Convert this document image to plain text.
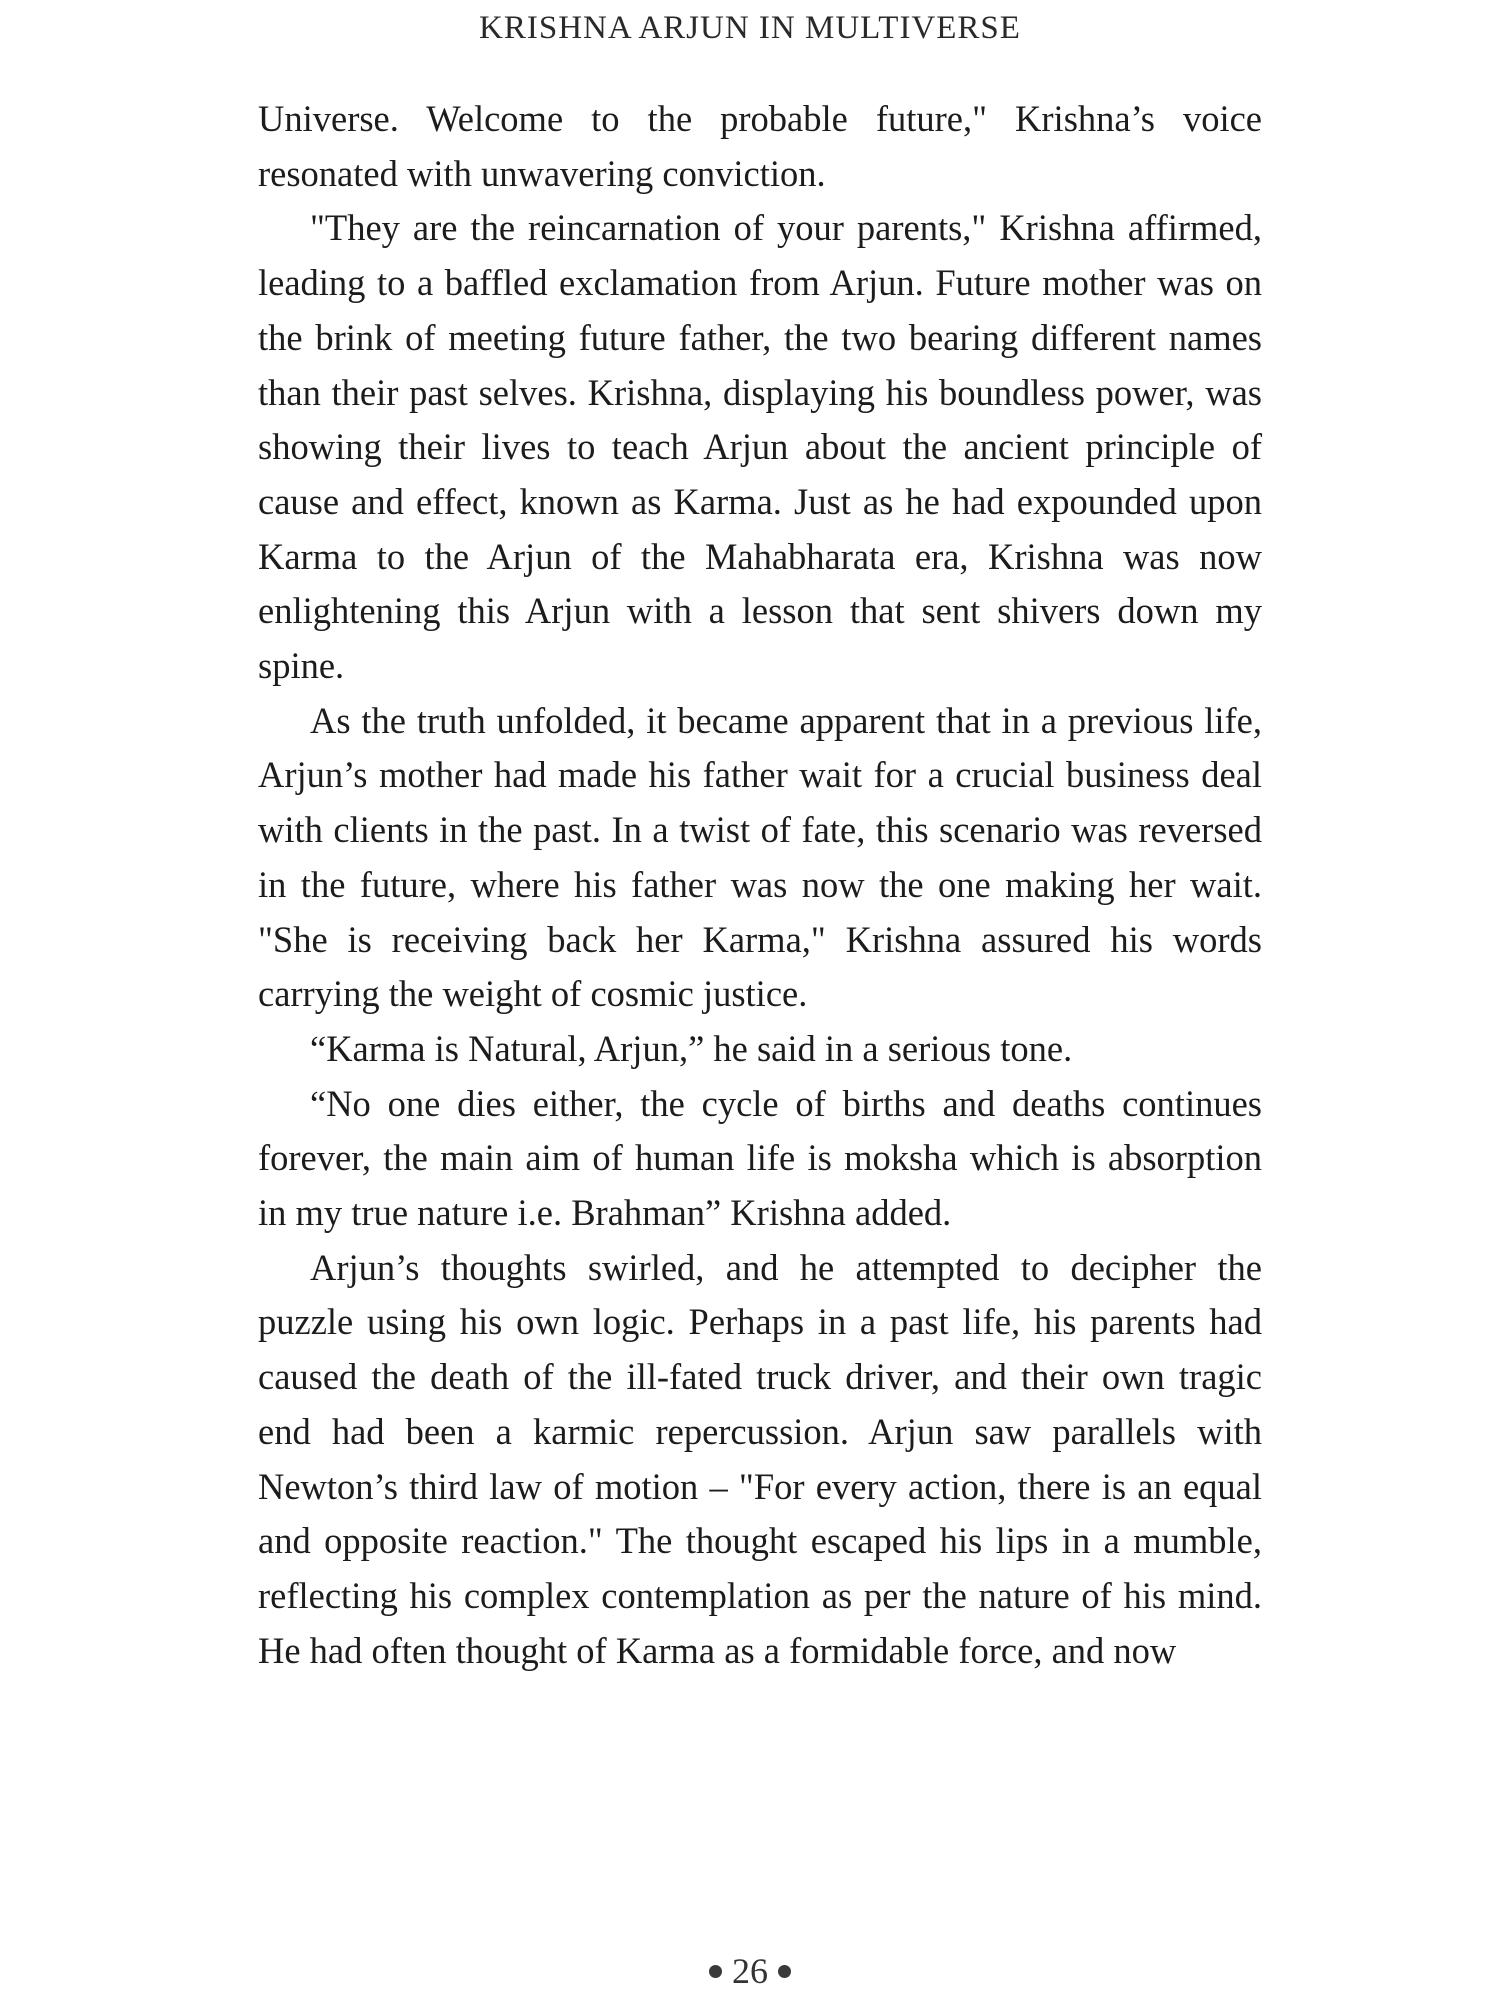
KRISHNA ARJUN IN MULTIVERSE

Universe. Welcome to the probable future," Krishna’s voice resonated with unwavering conviction.

"They are the reincarnation of your parents," Krishna affirmed, leading to a baffled exclamation from Arjun. Future mother was on the brink of meeting future father, the two bearing different names than their past selves. Krishna, displaying his boundless power, was showing their lives to teach Arjun about the ancient principle of cause and effect, known as Karma. Just as he had expounded upon Karma to the Arjun of the Mahabharata era, Krishna was now enlightening this Arjun with a lesson that sent shivers down my spine.

As the truth unfolded, it became apparent that in a previous life, Arjun’s mother had made his father wait for a crucial business deal with clients in the past. In a twist of fate, this scenario was reversed in the future, where his father was now the one making her wait. "She is receiving back her Karma," Krishna assured his words carrying the weight of cosmic justice.

“Karma is Natural, Arjun,” he said in a serious tone.

“No one dies either, the cycle of births and deaths continues forever, the main aim of human life is moksha which is absorption in my true nature i.e. Brahman” Krishna added.

Arjun’s thoughts swirled, and he attempted to decipher the puzzle using his own logic. Perhaps in a past life, his parents had caused the death of the ill-fated truck driver, and their own tragic end had been a karmic repercussion. Arjun saw parallels with Newton’s third law of motion – "For every action, there is an equal and opposite reaction." The thought escaped his lips in a mumble, reflecting his complex contemplation as per the nature of his mind. He had often thought of Karma as a formidable force, and now

26
